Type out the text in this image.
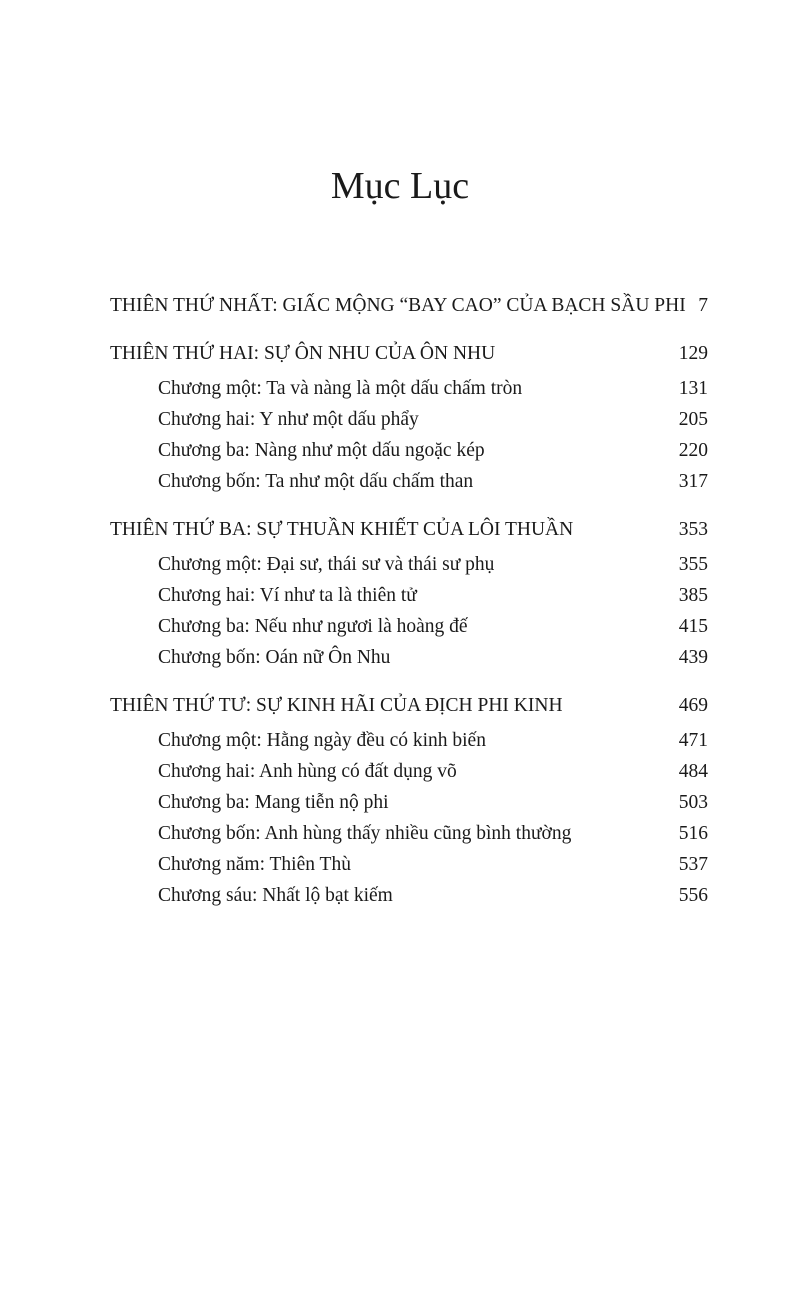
Mục Lục
THIÊN THỨ NHẤT: GIẤC MỘNG “BAY CAO” CỦA BẠCH SẦU PHI 7
THIÊN THỨ HAI: SỰ ÔN NHU CỦA ÔN NHU	129
Chương một: Ta và nàng là một dấu chấm tròn	131
Chương hai: Y như một dấu phẩy	205
Chương ba: Nàng như một dấu ngoặc kép	220
Chương bốn: Ta như một dấu chấm than	317
THIÊN THỨ BA: SỰ THUẦN KHIẾT CỦA LÔI THUẦN	353
Chương một: Đại sư, thái sư và thái sư phụ	355
Chương hai: Ví như ta là thiên tử	385
Chương ba: Nếu như ngươi là hoàng đế	415
Chương bốn: Oán nữ Ôn Nhu	439
THIÊN THỨ TƯ: SỰ KINH HÃI CỦA ĐỊCH PHI KINH	469
Chương một: Hằng ngày đều có kinh biến	471
Chương hai: Anh hùng có đất dụng võ	484
Chương ba: Mang tiễn nộ phi	503
Chương bốn: Anh hùng thấy nhiều cũng bình thường	516
Chương năm: Thiên Thù	537
Chương sáu: Nhất lộ bạt kiếm	556
